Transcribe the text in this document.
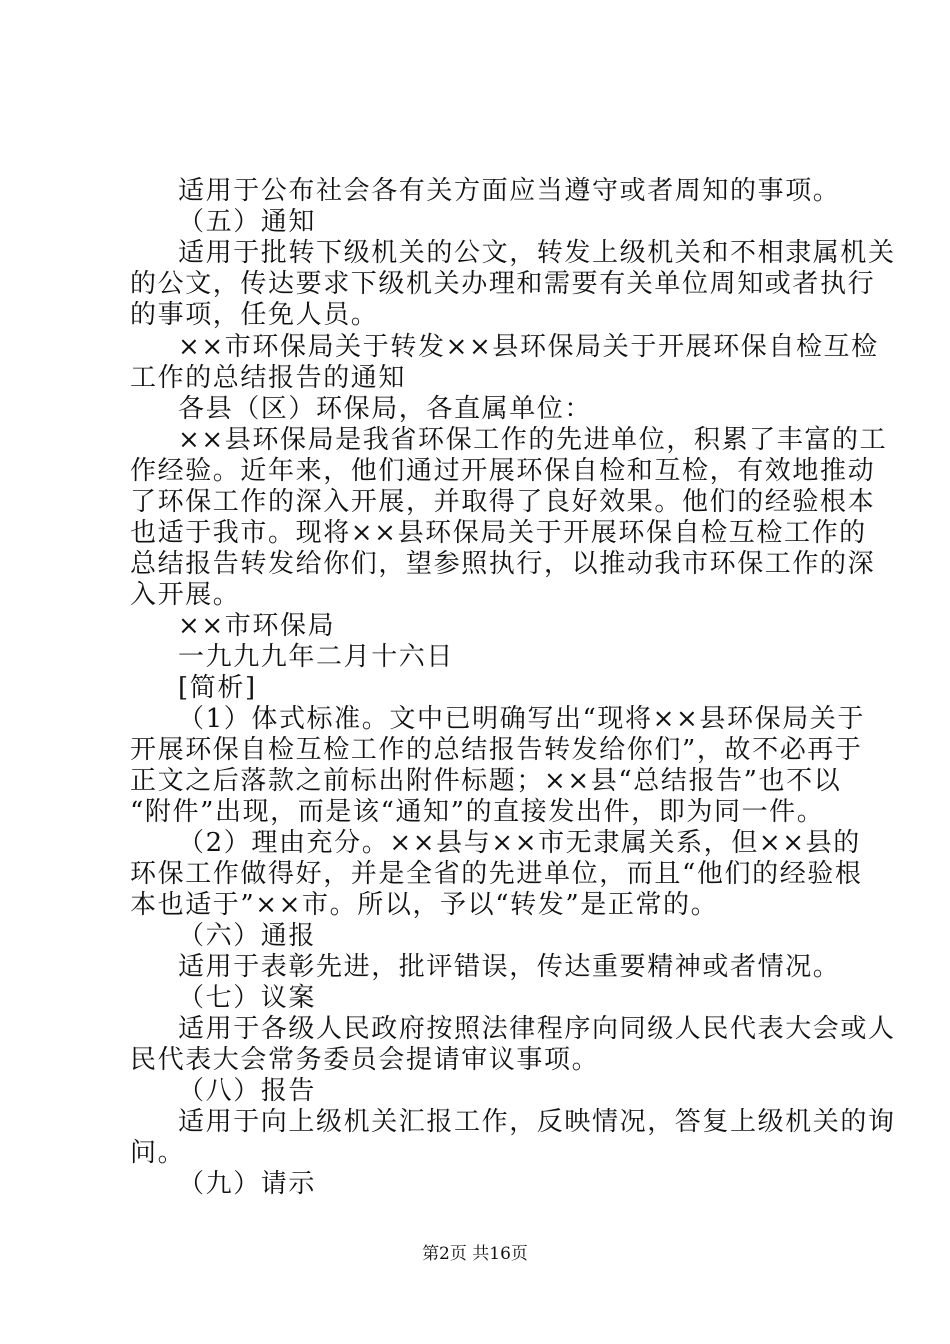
适用于公布社会各有关方面应当遵守或者周知的事项。
（五）通知
适用于批转下级机关的公文，转发上级机关和不相隶属机关
的公文，传达要求下级机关办理和需要有关单位周知或者执行
的事项，任免人员。
××市环保局关于转发××县环保局关于开展环保自检互检
工作的总结报告的通知
各县（区）环保局，各直属单位：
××县环保局是我省环保工作的先进单位，积累了丰富的工
作经验。近年来，他们通过开展环保自检和互检，有效地推动
了环保工作的深入开展，并取得了良好效果。他们的经验根本
也适于我市。现将××县环保局关于开展环保自检互检工作的
总结报告转发给你们，望参照执行，以推动我市环保工作的深
入开展。
××市环保局
一九九九年二月十六日
[简析]
（1）体式标准。文中已明确写出“现将××县环保局关于
开展环保自检互检工作的总结报告转发给你们”，故不必再于
正文之后落款之前标出附件标题；××县“总结报告”也不以
“附件”出现，而是该“通知”的直接发出件，即为同一件。
（2）理由充分。××县与××市无隶属关系，但××县的
环保工作做得好，并是全省的先进单位，而且“他们的经验根
本也适于”××市。所以，予以“转发”是正常的。
（六）通报
适用于表彰先进，批评错误，传达重要精神或者情况。
（七）议案
适用于各级人民政府按照法律程序向同级人民代表大会或人
民代表大会常务委员会提请审议事项。
（八）报告
适用于向上级机关汇报工作，反映情况，答复上级机关的询
问。
（九）请示
第2页 共16页
